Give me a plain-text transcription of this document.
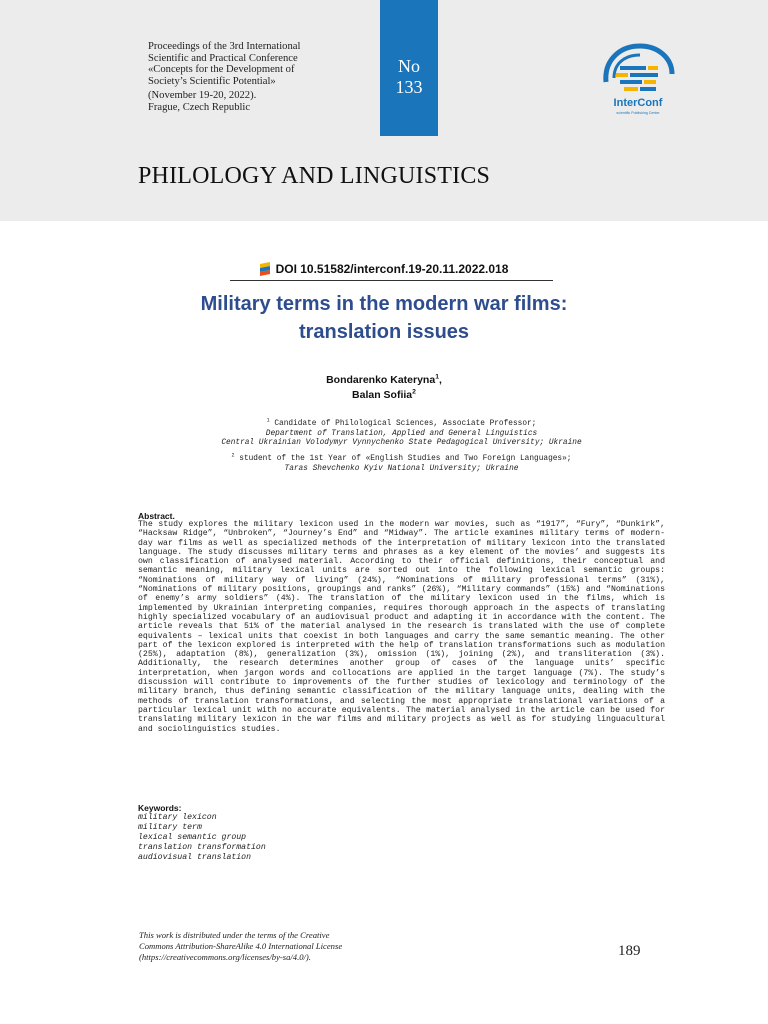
Proceedings of the 3rd International
Scientific and Practical Conference
«Concepts for the Development of
Society’s Scientific Potential»
(November 19-20, 2022).
Frague, Czech Republic
No
133
InterConf
scientific Publishing Center
PHILOLOGY AND LINGUISTICS
DOI 10.51582/interconf.19-20.11.2022.018
Military terms in the modern war films:
translation issues
Bondarenko Kateryna$^1$,
Balan Sofiia$^2$
$^1$ Candidate of Philological Sciences, Associate Professor;
Department of Translation, Applied and General Linguistics
Central Ukrainian Volodymyr Vynnychenko State Pedagogical University; Ukraine
$^2$ student of the 1st Year of «English Studies and Two Foreign Languages»;
Taras Shevchenko Kyiv National University; Ukraine
Abstract.
The study explores the military lexicon used in the modern war movies, such as “1917”, “Fury”, “Dunkirk”, “Hacksaw Ridge”, “Unbroken”, “Journey’s End” and “Midway”. The article examines military terms of modern-day war films as well as specialized methods of the interpretation of military lexicon into the translated language. The study discusses military terms and phrases as a key element of the movies’ and suggests its own classification of analysed material. According to their official definitions, their conceptual and semantic meaning, military lexical units are sorted out into the following lexical semantic groups: “Nominations of military way of living” (24%), “Nominations of military professional terms” (31%), “Nominations of military positions, groupings and ranks” (26%), “Military commands” (15%) and “Nominations of enemy’s army soldiers” (4%). The translation of the military lexicon used in the films, which is implemented by Ukrainian interpreting companies, requires thorough approach in the aspects of translating highly specialized vocabulary of an audiovisual product and adapting it in accordance with the content. The article reveals that 51% of the material analysed in the research is translated with the use of complete equivalents – lexical units that coexist in both languages and carry the same semantic meaning. The other part of the lexicon explored is interpreted with the help of translation transformations such as modulation (25%), adaptation (8%), generalization (3%), omission (1%), joining (2%), and transliteration (3%). Additionally, the research determines another group of cases of the language units’ specific interpretation, when jargon words and collocations are applied in the target language (7%). The study’s discussion will contribute to improvements of the further studies of lexicology and terminology of the military branch, thus defining semantic classification of the military language units, dealing with the methods of translation transformations, and selecting the most appropriate translational variations of a particular lexical unit with no accurate equivalents. The material analysed in the article can be used for translating military lexicon in the war films and military projects as well as for studying linguacultural and sociolinguistics studies.
Keywords:
military lexicon
military term
lexical semantic group
translation transformation
audiovisual translation
This work is distributed under the terms of the Creative
Commons Attribution-ShareAlike 4.0 International License
(https://creativecommons.org/licenses/by-sa/4.0/).	189
